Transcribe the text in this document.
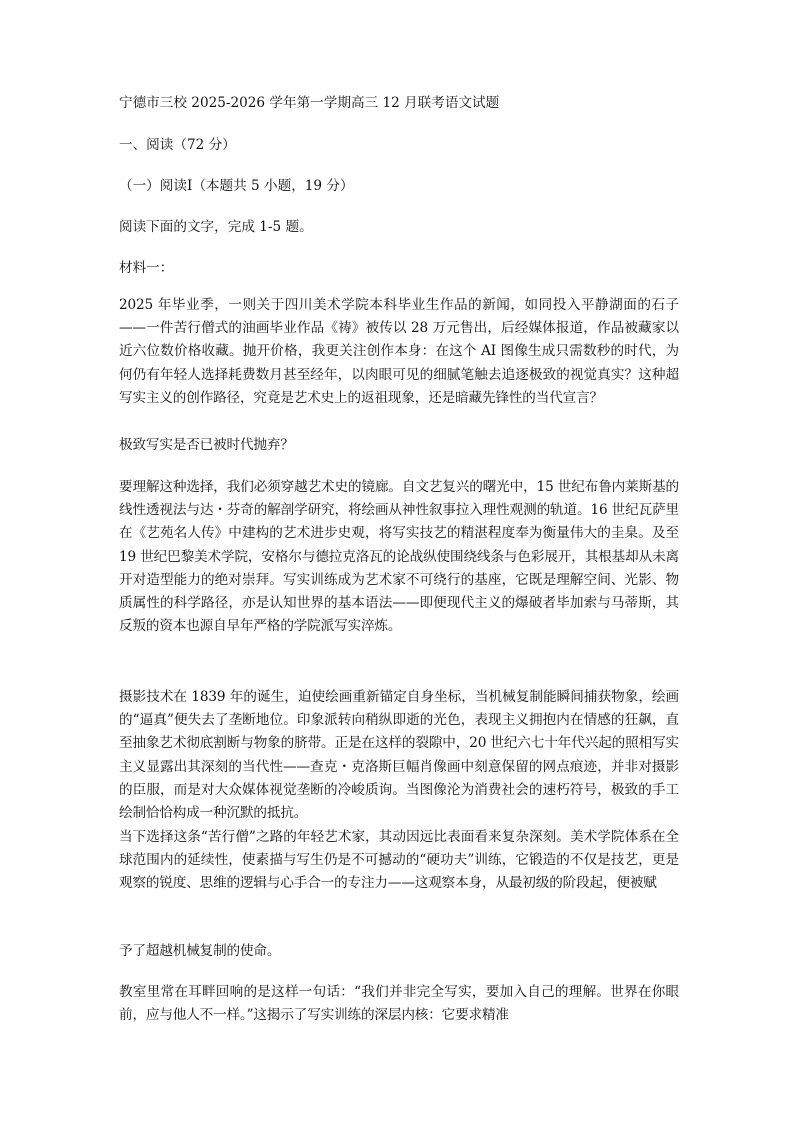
宁德市三校 2025-2026 学年第一学期高三 12 月联考语文试题
一、阅读（72 分）
（一）阅读Ⅰ（本题共 5 小题，19 分）
阅读下面的文字，完成 1-5 题。
材料一：
2025 年毕业季，一则关于四川美术学院本科毕业生作品的新闻，如同投入平静湖面的石子——一件苦行僧式的油画毕业作品《祷》被传以 28 万元售出，后经媒体报道，作品被藏家以近六位数价格收藏。抛开价格，我更关注创作本身：在这个 AI 图像生成只需数秒的时代，为何仍有年轻人选择耗费数月甚至经年，以肉眼可见的细腻笔触去追逐极致的视觉真实？这种超写实主义的创作路径，究竟是艺术史上的返祖现象，还是暗藏先锋性的当代宣言？
极致写实是否已被时代抛弃？
要理解这种选择，我们必须穿越艺术史的镜廊。自文艺复兴的曙光中，15 世纪布鲁内莱斯基的线性透视法与达・芬奇的解剖学研究，将绘画从神性叙事拉入理性观测的轨道。16 世纪瓦萨里在《艺苑名人传》中建构的艺术进步史观，将写实技艺的精湛程度奉为衡量伟大的圭臬。及至 19 世纪巴黎美术学院，安格尔与德拉克洛瓦的论战纵使围绕线条与色彩展开，其根基却从未离开对造型能力的绝对崇拜。写实训练成为艺术家不可绕行的基座，它既是理解空间、光影、物质属性的科学路径，亦是认知世界的基本语法——即便现代主义的爆破者毕加索与马蒂斯，其反叛的资本也源自早年严格的学院派写实淬炼。
摄影技术在 1839 年的诞生，迫使绘画重新锚定自身坐标，当机械复制能瞬间捕获物象，绘画的“逼真”便失去了垄断地位。印象派转向稍纵即逝的光色，表现主义拥抱内在情感的狂飙，直至抽象艺术彻底割断与物象的脐带。正是在这样的裂隙中，20 世纪六七十年代兴起的照相写实主义显露出其深刻的当代性——查克・克洛斯巨幅肖像画中刻意保留的网点痕迹，并非对摄影的臣服，而是对大众媒体视觉垄断的冷峻质询。当图像沦为消费社会的速朽符号，极致的手工绘制恰恰构成一种沉默的抵抗。
当下选择这条“苦行僧”之路的年轻艺术家，其动因远比表面看来复杂深刻。美术学院体系在全球范围内的延续性，使素描与写生仍是不可撼动的“硬功夫”训练，它锻造的不仅是技艺，更是观察的锐度、思维的逻辑与心手合一的专注力——这观察本身，从最初级的阶段起，便被赋
予了超越机械复制的使命。
教室里常在耳畔回响的是这样一句话：“我们并非完全写实，要加入自己的理解。世界在你眼前，应与他人不一样。”这揭示了写实训练的深层内核：它要求精准
